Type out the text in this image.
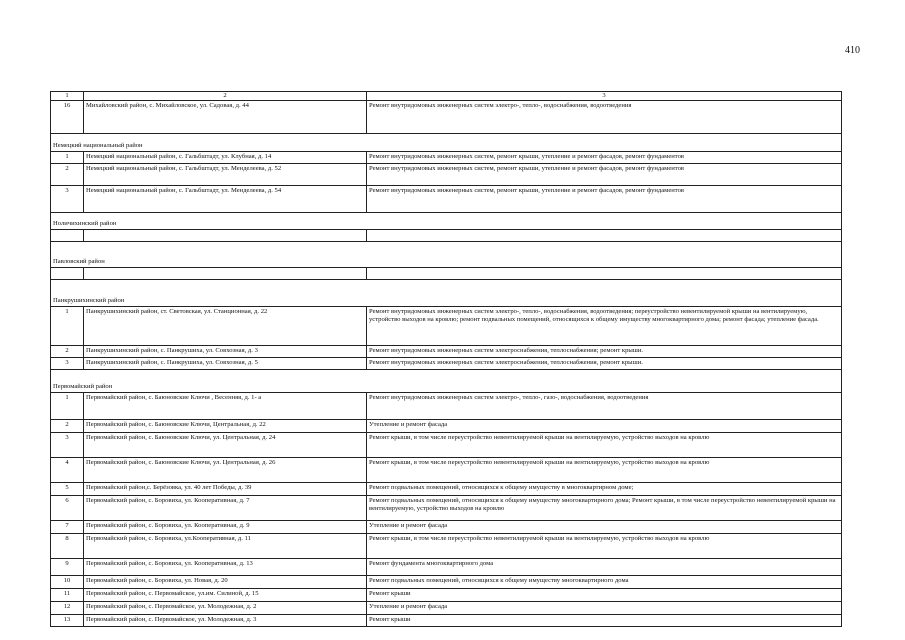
410
1	2	3
16	Михайловский район, с. Михайловское, ул. Садовая, д. 44	Ремонт внутридомовых инженерных систем электро-, тепло-, водоснабжения, водоотведения
Немецкий национальный район		
1	Немецкий национальный район, с. Гальбштадт, ул. Клубная, д. 14	Ремонт внутридомовых инженерных систем, ремонт крыши, утепление и ремонт фасадов, ремонт фундаментов
2	Немецкий национальный район, с. Гальбштадт, ул. Менделеева, д. 52	Ремонт внутридомовых инженерных систем, ремонт крыши, утепление и ремонт фасадов, ремонт фундаментов
3	Немецкий национальный район, с. Гальбштадт, ул. Менделеева, д. 54	Ремонт внутридомовых инженерных систем, ремонт крыши, утепление и ремонт фасадов, ремонт фундаментов
Ноличихинский район		

Павловский район		

Панкрушихинский район		
1	Панкрушихинский район, ст. Световская, ул. Станционная, д. 22	Ремонт внутридомовых инженерных систем электро-, тепло-, водоснабжения, водоотведения; переустройство невентилируемой крыши на вентилируемую, устройство выходов на кровлю; ремонт подвальных помещений, относящихся к общему имуществу многоквартирного дома; ремонт фасада; утепление фасада.
2	Панкрушихинский район, с. Панкрушиха, ул. Совхозная, д. 3	Ремонт внутридомовых инженерных систем электроснабжения, теплоснабжения; ремонт крыши.
3	Панкрушихинский район, с. Панкрушиха, ул. Совхозная, д. 5	Ремонт внутридомовых инженерных систем электроснабжения, теплоснабжения, ремонт крыши.
Первомайский район		
1	Первомайский район, с. Баюновские Ключи , Весенняя, д. 1- а	Ремонт внутридомовых инженерных систем электро-, тепло-, газо-, водоснабжения, водоотведения
2	Первомайский район, с. Баюновские Ключи, Центральная, д. 22	Утепление и ремонт фасада
3	Первомайский район, с. Баюновские Ключи, ул. Центральная, д. 24	Ремонт крыши, в том числе переустройство невентилируемой крыши на вентилируемую, устройство выходов на кровлю
4	Первомайский район, с. Баюновские Ключи, ул. Центральная, д. 26	Ремонт крыши, в том числе переустройство невентилируемой крыши на вентилируемую, устройство выходов на кровлю
5	Первомайский район,с. Берёзовка, ул. 40 лет Победы, д. 39	Ремонт подвальных помещений, относящихся к общему имуществу в многоквартирном доме;
6	Первомайский район, с. Боровиха, ул. Кооперативная, д. 7	Ремонт подвальных помещений, относящихся к общему имуществу многоквартирного дома; Ремонт крыши, в том числе переустройство невентилируемой крыши на вентилируемую, устройство выходов на кровлю
7	Первомайский район, с. Боровиха, ул. Кооперативная, д. 9	Утепление и ремонт фасада
8	Первомайский район, с. Боровиха, ул.Кооперативная, д. 11	Ремонт крыши, в том числе переустройство невентилируемой крыши на вентилируемую, устройство выходов на кровлю
9	Первомайский район, с. Боровиха, ул. Кооперативная, д. 13	Ремонт фундамента многоквартирного дома
10	Первомайский район, с. Боровиха, ул. Новая, д. 20	Ремонт подвальных помещений, относящихся к общему имуществу многоквартирного дома
11	Первомайский район, с. Первомайское, ул.им. Силиной, д. 15	Ремонт крыши
12	Первомайский район, с. Первомайское, ул. Молодежная, д. 2	Утепление и ремонт фасада
13	Первомайский район, с. Первомайское, ул. Молодежная, д. 3	Ремонт крыши
